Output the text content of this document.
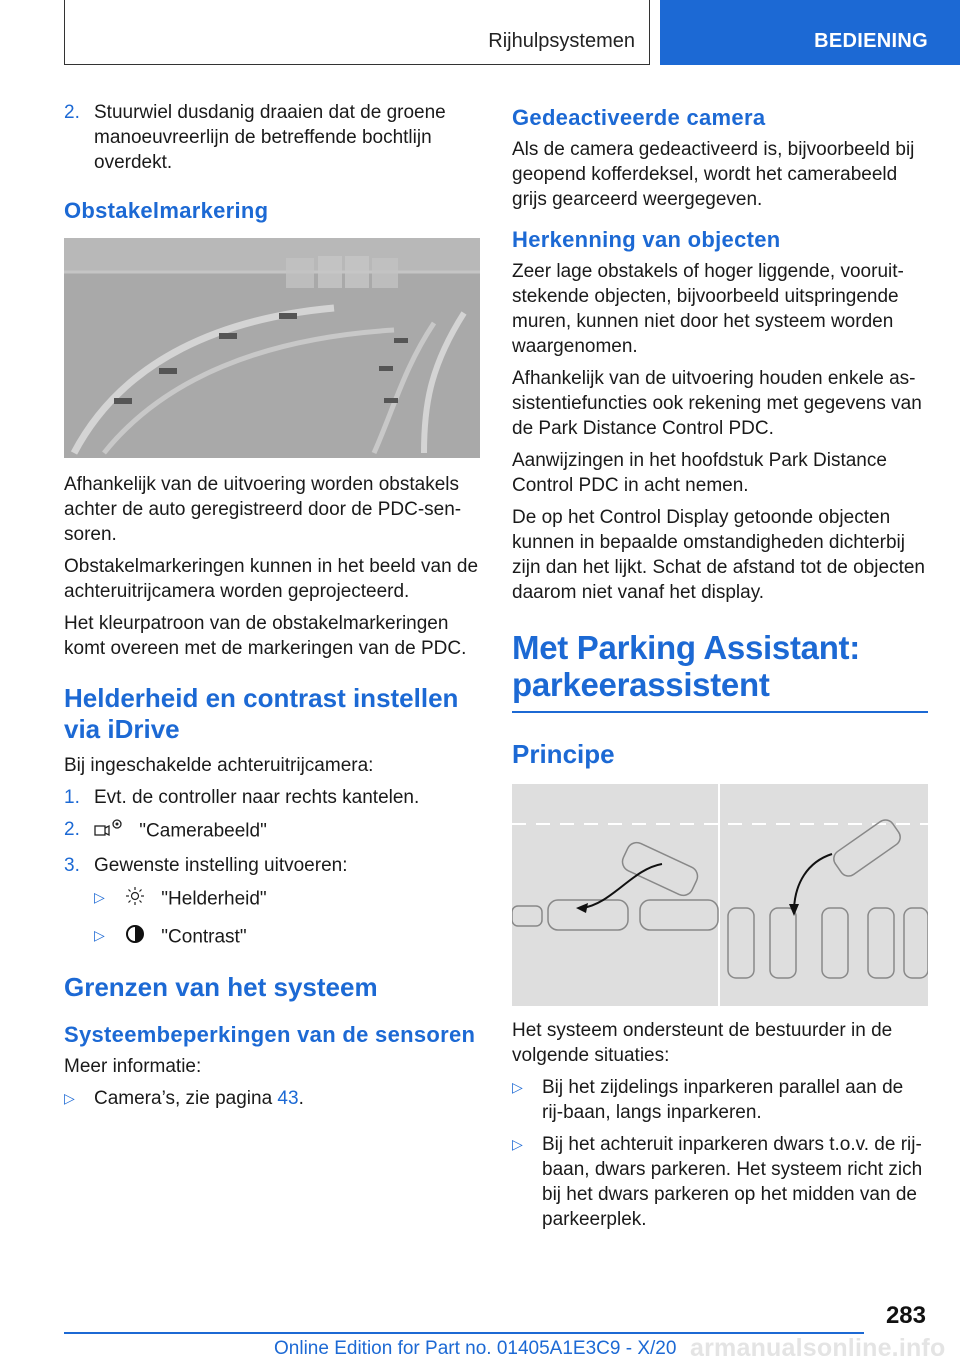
Rijhulpsystemen	BEDIENING
2. Stuurwiel dusdanig draaien dat de groene manoeuvreerlijn de betreffende bochtlijn overdekt.
Obstakelmarkering

Afhankelijk van de uitvoering worden obstakels achter de auto geregistreerd door de PDC-sen-soren.

Obstakelmarkeringen kunnen in het beeld van de achteruitrijcamera worden geprojecteerd.

Het kleurpatroon van de obstakelmarkeringen komt overeen met de markeringen van de PDC.

Helderheid en contrast instellen via iDrive

Bij ingeschakelde achteruitrijcamera:

1. Evt. de controller naar rechts kantelen.
2.	"Camerabeeld"
3. Gewenste instelling uitvoeren:
▷	"Helderheid"
▷	"Contrast"
Grenzen van het systeem
Systeembeperkingen van de sensoren

Meer informatie:

▷ Camera’s, zie pagina 43.
Gedeactiveerde camera

Als de camera gedeactiveerd is, bijvoorbeeld bij geopend kofferdeksel, wordt het camerabeeld grijs gearceerd weergegeven.

Herkenning van objecten

Zeer lage obstakels of hoger liggende, vooruit-stekende objecten, bijvoorbeeld uitspringende muren, kunnen niet door het systeem worden waargenomen.

Afhankelijk van de uitvoering houden enkele as-sistentiefuncties ook rekening met gegevens van de Park Distance Control PDC.

Aanwijzingen in het hoofdstuk Park Distance Control PDC in acht nemen.

De op het Control Display getoonde objecten kunnen in bepaalde omstandigheden dichterbij zijn dan het lijkt. Schat de afstand tot de objecten daarom niet vanaf het display.

Met Parking Assistant: parkeerassistent
Principe

Het systeem ondersteunt de bestuurder in de volgende situaties:

▷ Bij het zijdelings inparkeren parallel aan de rij-baan, langs inparkeren.
▷ Bij het achteruit inparkeren dwars t.o.v. de rij-baan, dwars parkeren. Het systeem richt zich bij het dwars parkeren op het midden van de parkeerplek.
283
Online Edition for Part no. 01405A1E3C9 - X/20 armanualsonline.info
